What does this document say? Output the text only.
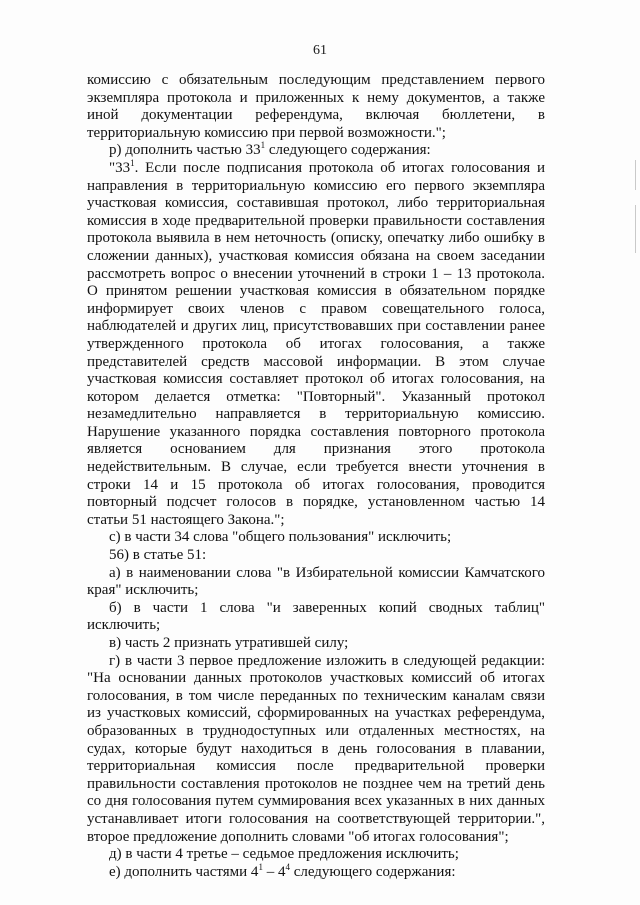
61

комиссию с обязательным последующим представлением первого экземпляра протокола и приложенных к нему документов, а также иной документации референдума, включая бюллетени, в территориальную комиссию при первой возможности.";

р) дополнить частью $33^1$ следующего содержания:

"$33^1$. Если после подписания протокола об итогах голосования и направления в территориальную комиссию его первого экземпляра участковая комиссия, составившая протокол, либо территориальная комиссия в ходе предварительной проверки правильности составления протокола выявила в нем неточность (описку, опечатку либо ошибку в сложении данных), участковая комиссия обязана на своем заседании рассмотреть вопрос о внесении уточнений в строки 1 – 13 протокола. О принятом решении участковая комиссия в обязательном порядке информирует своих членов с правом совещательного голоса, наблюдателей и других лиц, присутствовавших при составлении ранее утвержденного протокола об итогах голосования, а также представителей средств массовой информации. В этом случае участковая комиссия составляет протокол об итогах голосования, на котором делается отметка: "Повторный". Указанный протокол незамедлительно направляется в территориальную комиссию. Нарушение указанного порядка составления повторного протокола является основанием для признания этого протокола недействительным. В случае, если требуется внести уточнения в строки 14 и 15 протокола об итогах голосования, проводится повторный подсчет голосов в порядке, установленном частью 14 статьи 51 настоящего Закона.";

с) в части 34 слова "общего пользования" исключить;

56) в статье 51:

а) в наименовании слова "в Избирательной комиссии Камчатского края" исключить;

б) в части 1 слова "и заверенных копий сводных таблиц" исключить;

в) часть 2 признать утратившей силу;

г) в части 3 первое предложение изложить в следующей редакции: "На основании данных протоколов участковых комиссий об итогах голосования, в том числе переданных по техническим каналам связи из участковых комиссий, сформированных на участках референдума, образованных в труднодоступных или отдаленных местностях, на судах, которые будут находиться в день голосования в плавании, территориальная комиссия после предварительной проверки правильности составления протоколов не позднее чем на третий день со дня голосования путем суммирования всех указанных в них данных устанавливает итоги голосования на соответствующей территории.", второе предложение дополнить словами "об итогах голосования";

д) в части 4 третье – седьмое предложения исключить;

е) дополнить частями $4^1 - 4^4$ следующего содержания:
